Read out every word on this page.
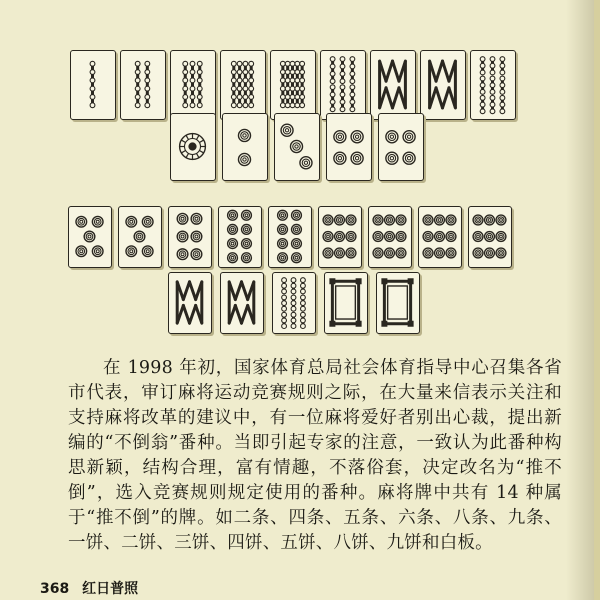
在 1998 年初，国家体育总局社会体育指导中心召集各省市代表，审订麻将运动竞赛规则之际，在大量来信表示关注和支持麻将改革的建议中，有一位麻将爱好者别出心裁，提出新编的“不倒翁”番种。当即引起专家的注意，一致认为此番种构思新颖，结构合理，富有情趣，不落俗套，决定改名为“推不倒”，选入竞赛规则规定使用的番种。麻将牌中共有 14 种属于“推不倒”的牌。如二条、四条、五条、六条、八条、九条、一饼、二饼、三饼、四饼、五饼、八饼、九饼和白板。

368 红日普照
